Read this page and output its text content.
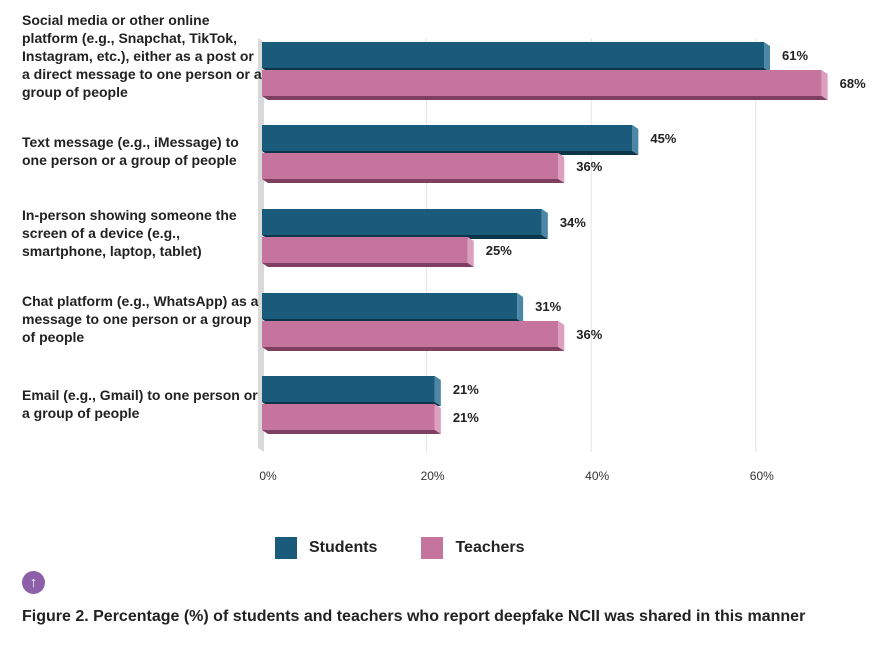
0%	20%	40%	60%
61%
68%
45%
36%
34%
25%
31%
36%
21%
21%
Social media or other online platform (e.g., Snapchat, TikTok, Instagram, etc.), either as a post or a direct message to one person or a group of people
Text message (e.g., iMessage) to one person or a group of people
In-person showing someone the screen of a device (e.g., smartphone, laptop, tablet)
Chat platform (e.g., WhatsApp) as a message to one person or a group of people
Email (e.g., Gmail) to one person or a group of people
Students	Teachers
↑
Figure 2. Percentage (%) of students and teachers who report deepfake NCII was shared in this manner
